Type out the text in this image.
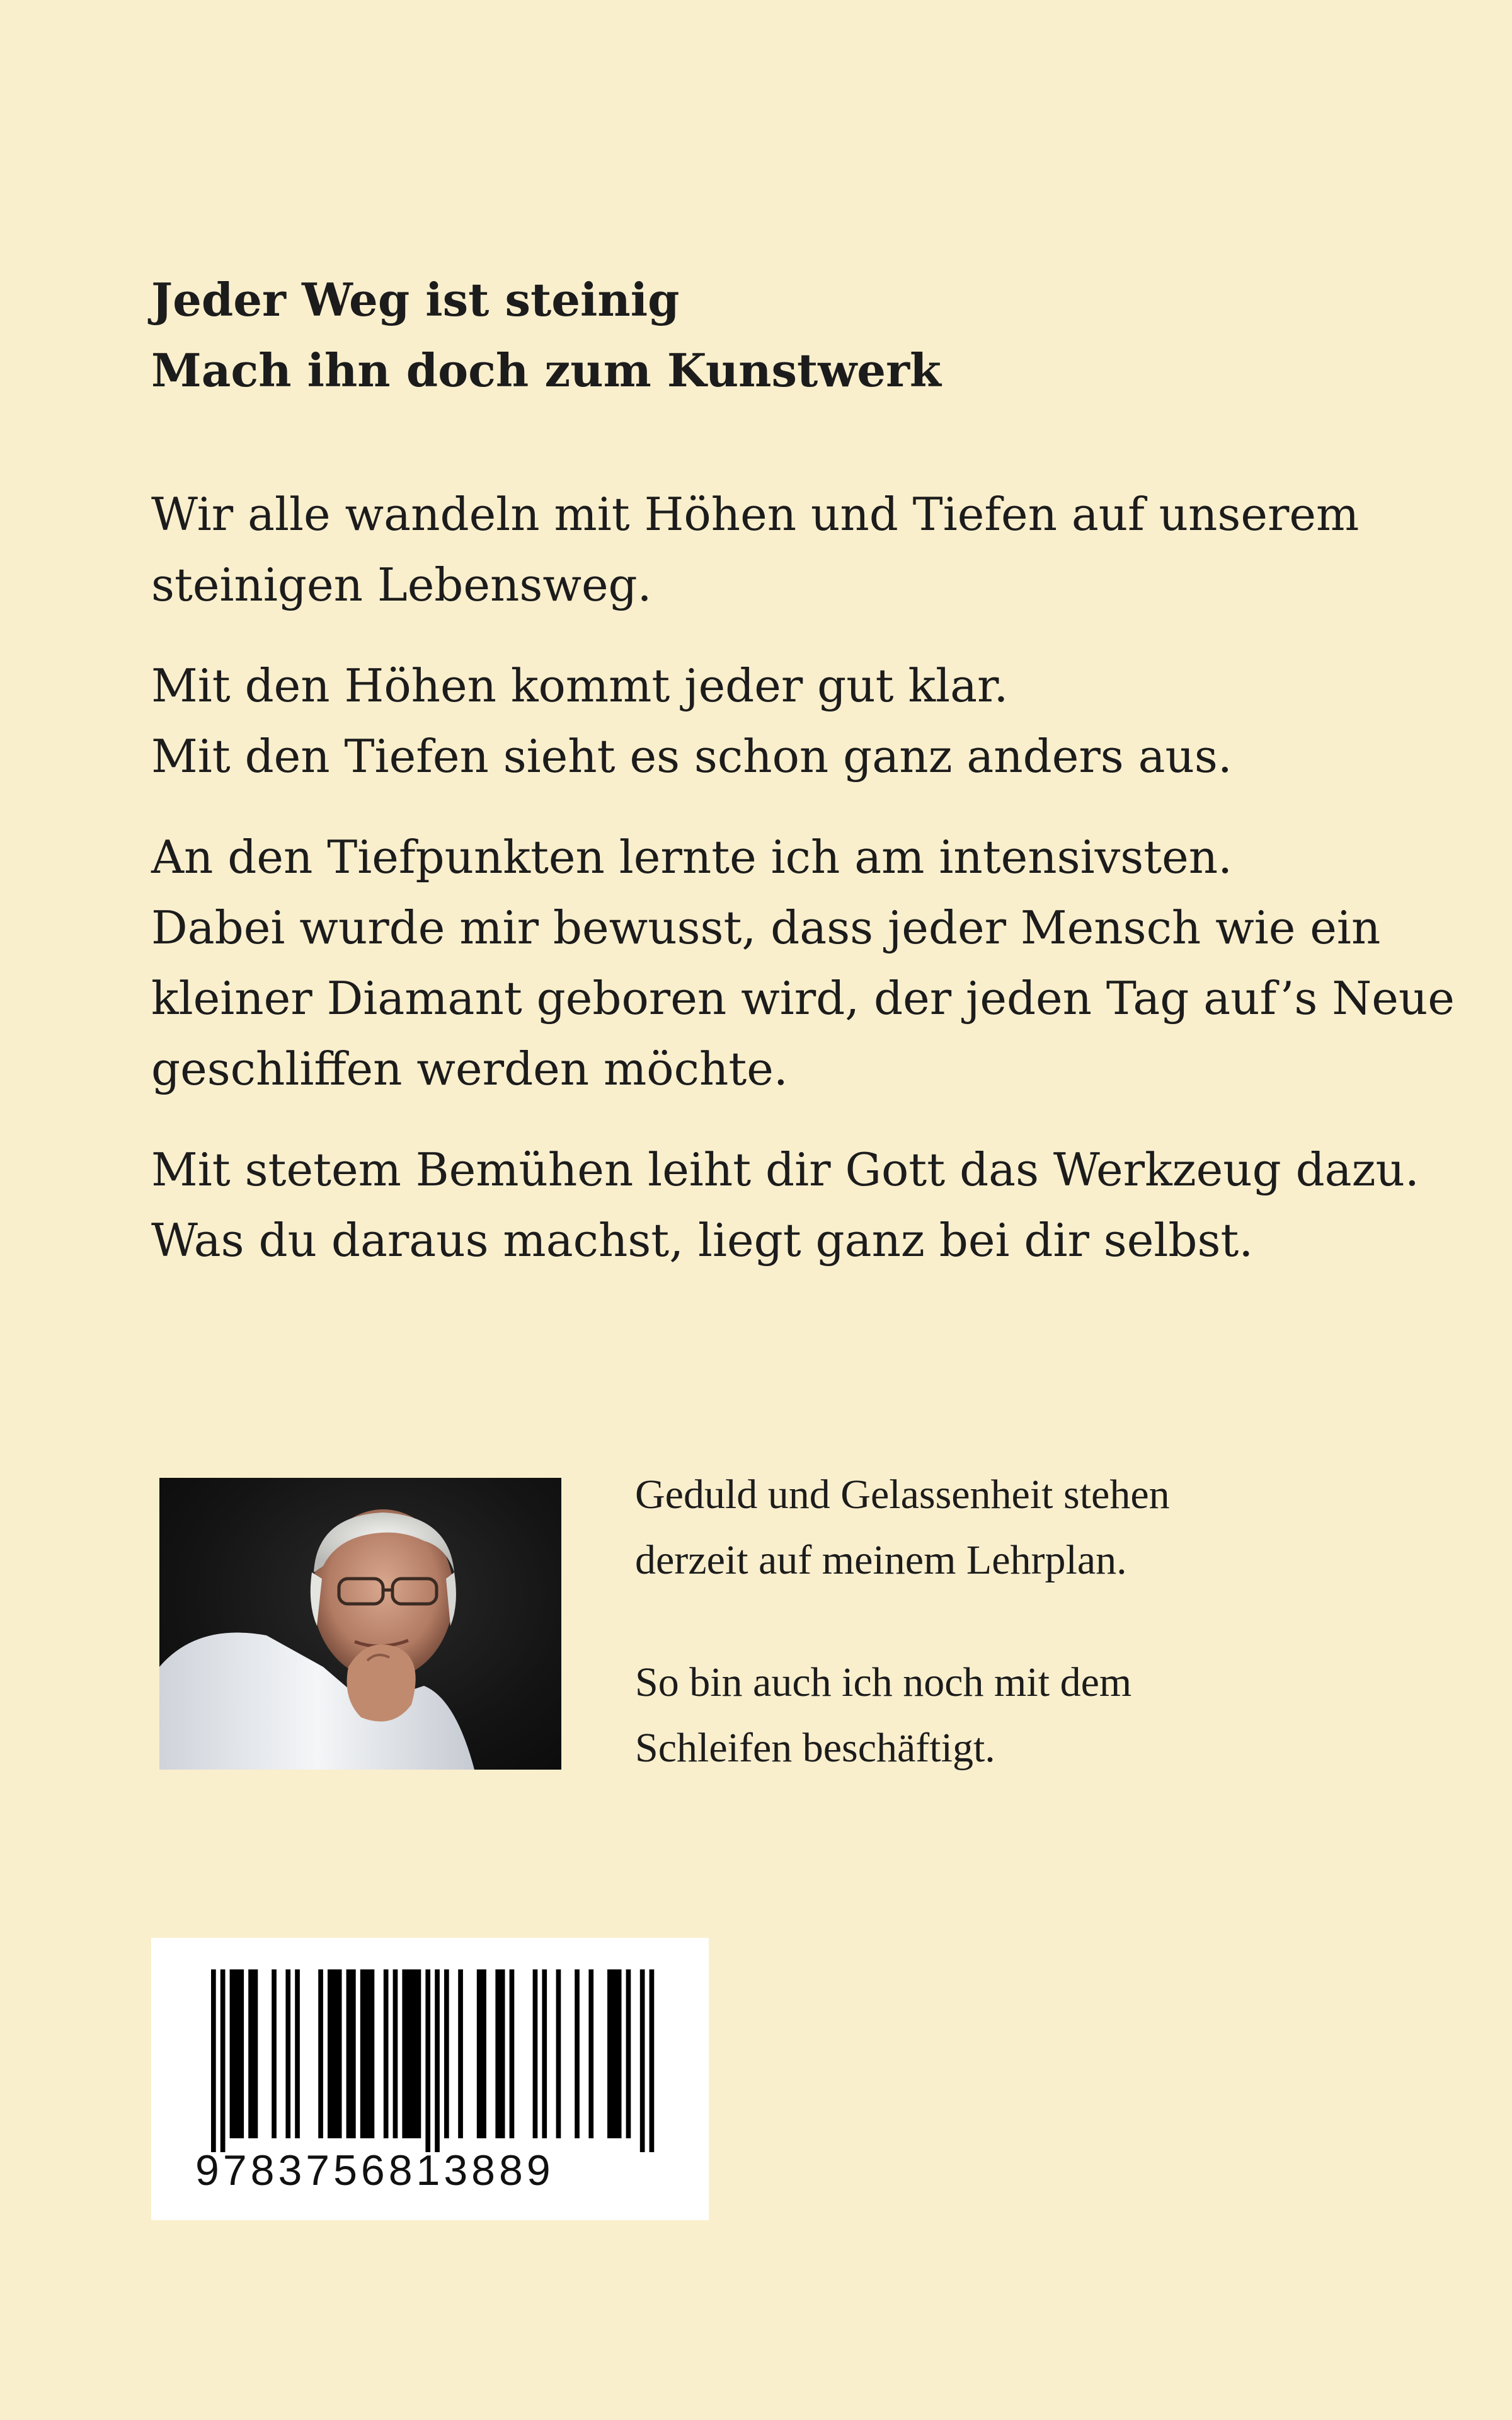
Jeder Weg ist steinig
Mach ihn doch zum Kunstwerk
Wir alle wandeln mit Höhen und Tiefen auf unserem
steinigen Lebensweg.
Mit den Höhen kommt jeder gut klar.
Mit den Tiefen sieht es schon ganz anders aus.
An den Tiefpunkten lernte ich am intensivsten.
Dabei wurde mir bewusst, dass jeder Mensch wie ein
kleiner Diamant geboren wird, der jeden Tag auf’s Neue
geschliffen werden möchte.
Mit stetem Bemühen leiht dir Gott das Werkzeug dazu.
Was du daraus machst, liegt ganz bei dir selbst.
Geduld und Gelassenheit stehen
derzeit auf meinem Lehrplan.
So bin auch ich noch mit dem
Schleifen beschäftigt.
9783756813889
